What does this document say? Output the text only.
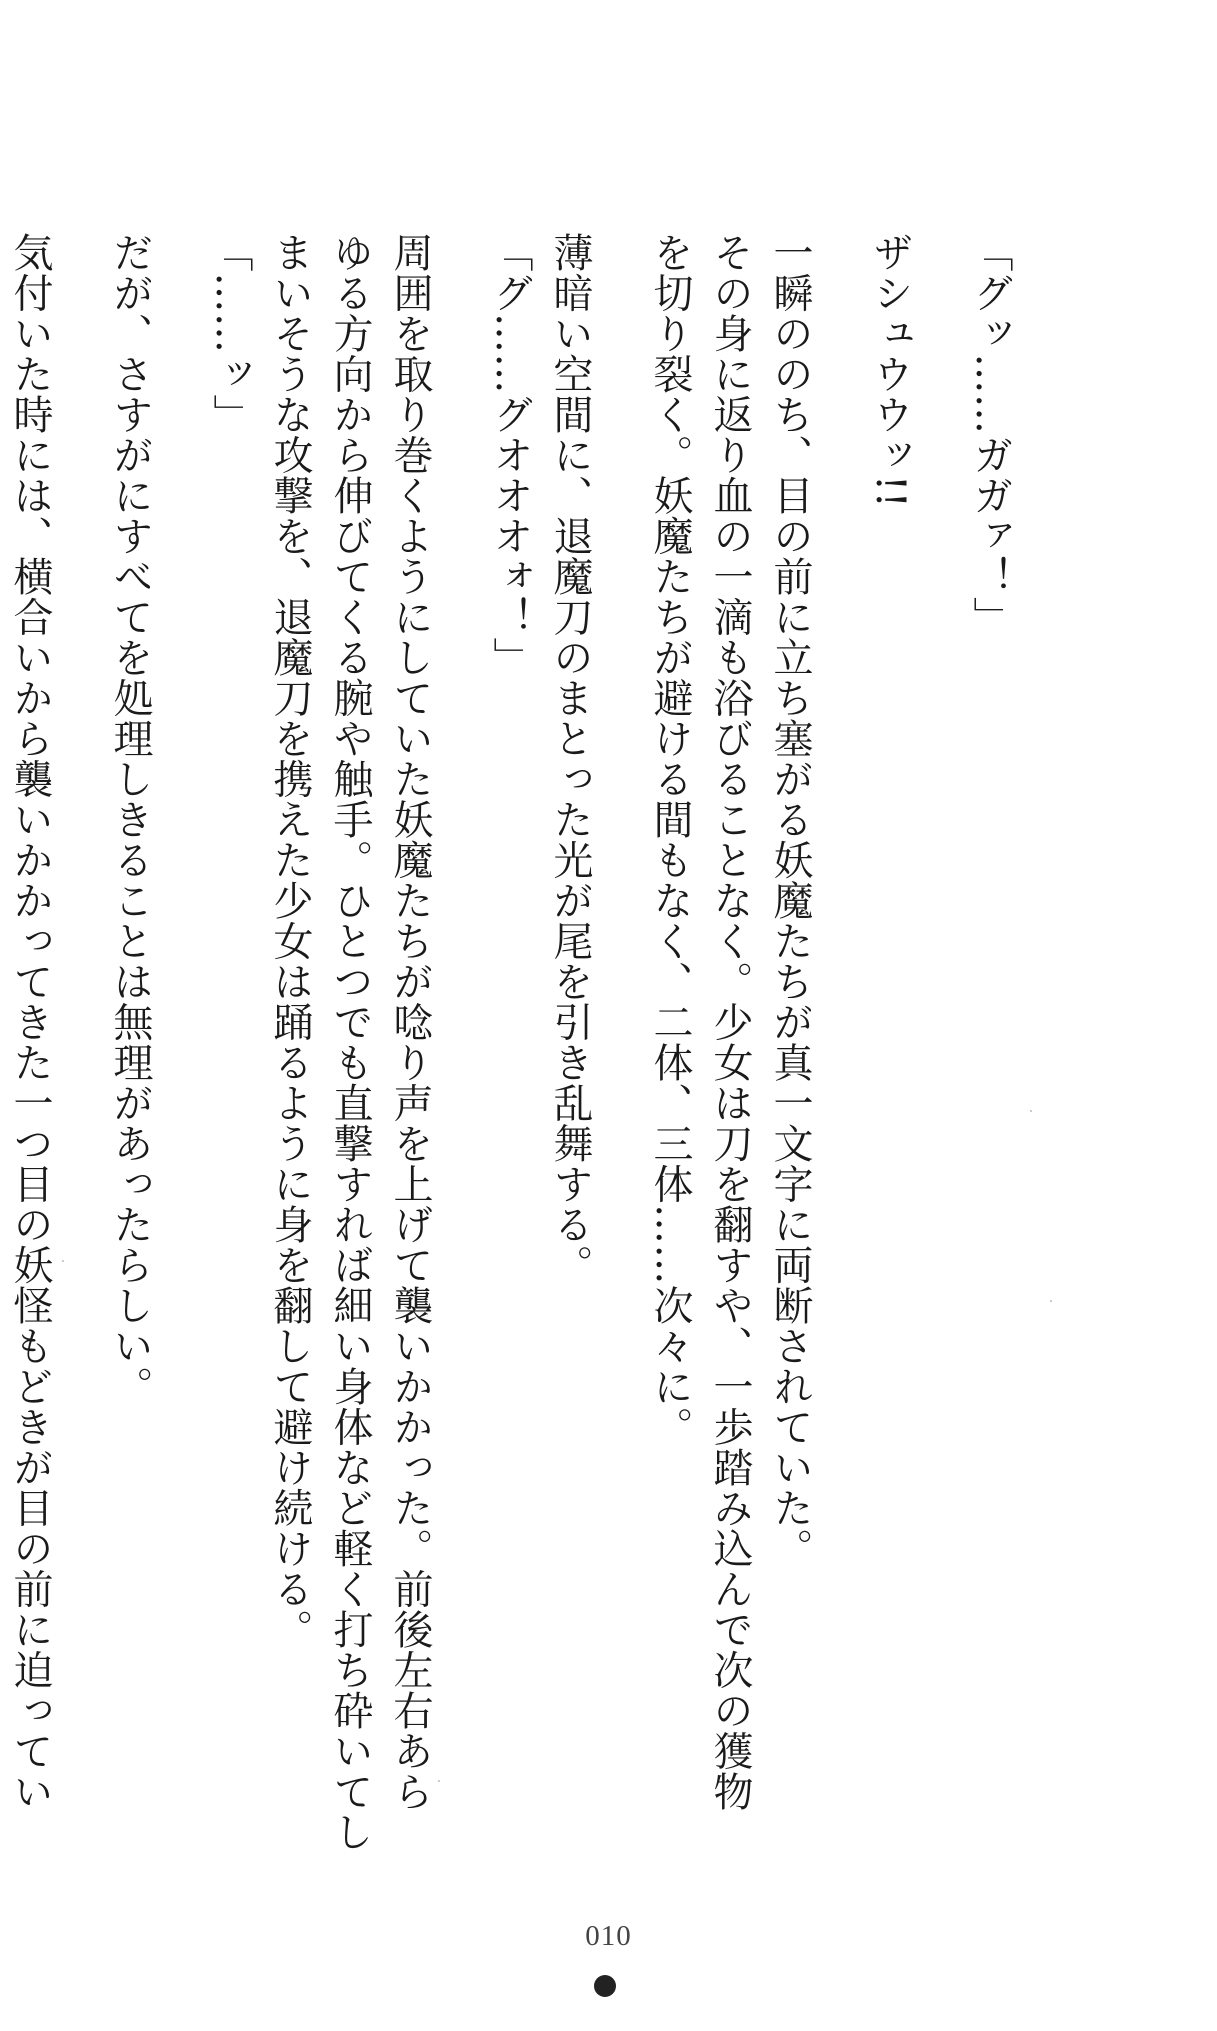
「グッ……ガガァ！」
ザシュウウッ!!
一瞬ののち、目の前に立ち塞がる妖魔たちが真一文字に両断されていた。
その身に返り血の一滴も浴びることなく。少女は刀を翻すや、一歩踏み込んで次の獲物
を切り裂く。妖魔たちが避ける間もなく、二体、三体……次々に。
薄暗い空間に、退魔刀のまとった光が尾を引き乱舞する。
「グ……グオオオォ！」
周囲を取り巻くようにしていた妖魔たちが唸り声を上げて襲いかかった。前後左右あら
ゆる方向から伸びてくる腕や触手。ひとつでも直撃すれば細い身体など軽く打ち砕いてし
まいそうな攻撃を、退魔刀を携えた少女は踊るように身を翻して避け続ける。
「……ッ」
だが、さすがにすべてを処理しきることは無理があったらしい。
気付いた時には、横合いから襲いかかってきた一つ目の妖怪もどきが目の前に迫ってい
010
